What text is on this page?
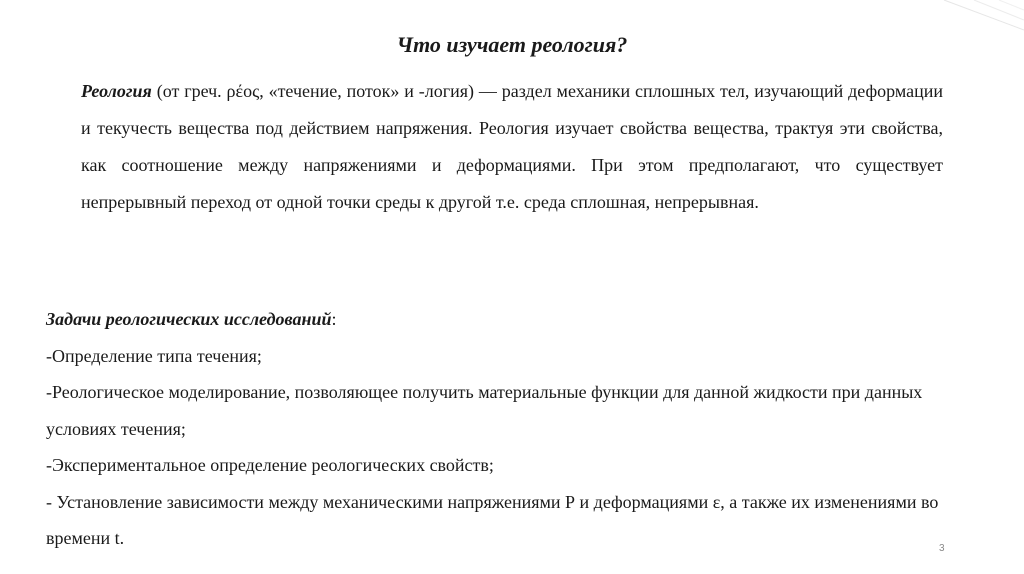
Что изучает реология?

Реология (от греч. ρέος, «течение, поток» и -логия) — раздел механики сплошных тел, изучающий деформации и текучесть вещества под действием напряжения. Реология изучает свойства вещества, трактуя эти свойства, как соотношение между напряжениями и деформациями. При этом предполагают, что существует непрерывный переход от одной точки среды к другой т.е. среда сплошная, непрерывная.

Задачи реологических исследований:

-Определение типа течения;

-Реологическое моделирование, позволяющее получить материальные функции для данной жидкости при данных условиях течения;

-Экспериментальное определение реологических свойств;

- Установление зависимости между механическими напряжениями Р и деформациями ε, а также их изменениями во времени t.

3
